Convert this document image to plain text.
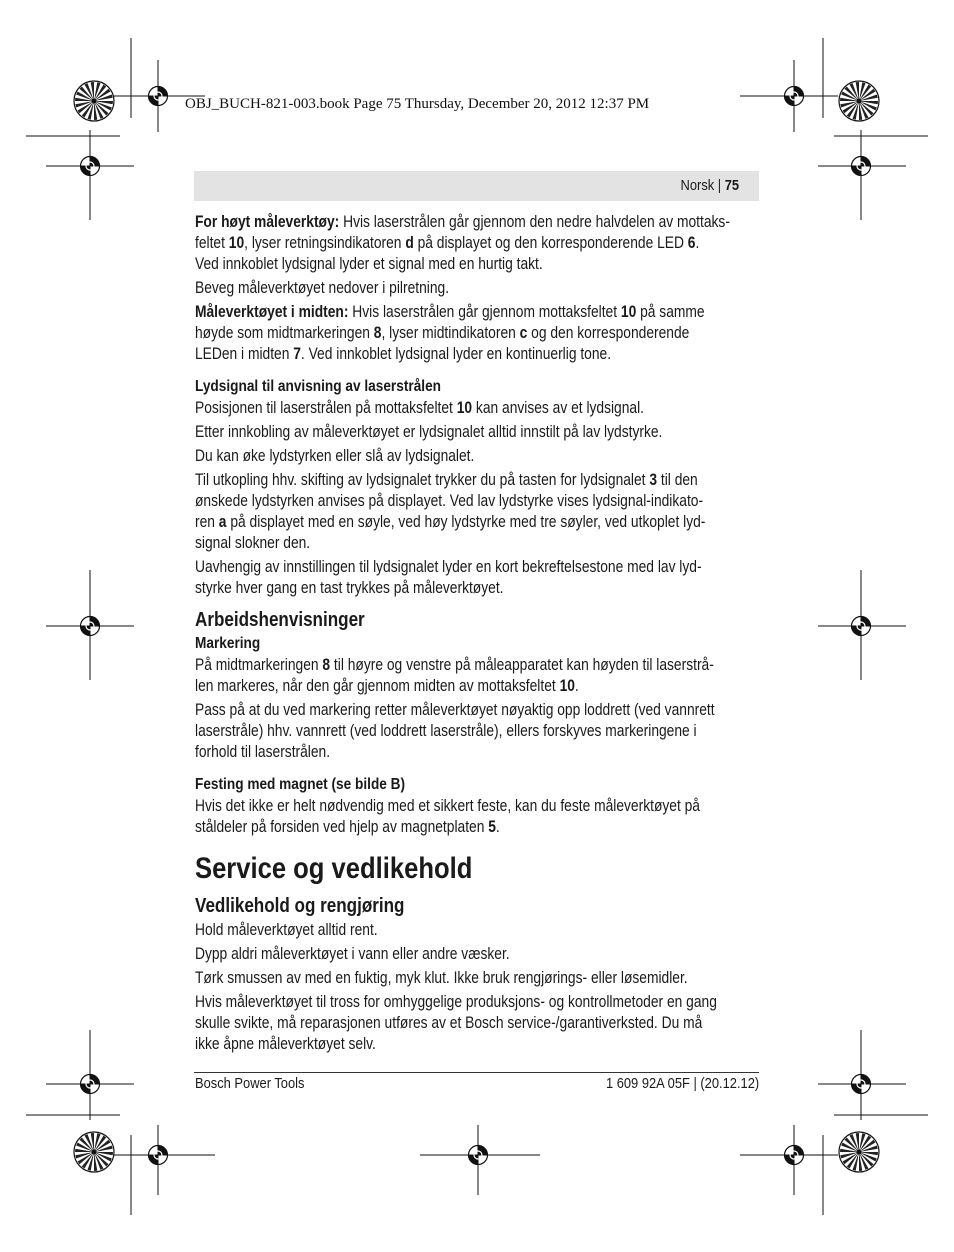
OBJ_BUCH-821-003.book Page 75 Thursday, December 20, 2012 12:37 PM
Norsk | 75

For høyt måleverktøy: Hvis laserstrålen går gjennom den nedre halvdelen av mottaks-
feltet 10, lyser retningsindikatoren d på displayet og den korresponderende LED 6.
Ved innkoblet lydsignal lyder et signal med en hurtig takt.

Beveg måleverktøyet nedover i pilretning.

Måleverktøyet i midten: Hvis laserstrålen går gjennom mottaksfeltet 10 på samme
høyde som midtmarkeringen 8, lyser midtindikatoren c og den korresponderende
LEDen i midten 7. Ved innkoblet lydsignal lyder en kontinuerlig tone.

Lydsignal til anvisning av laserstrålen

Posisjonen til laserstrålen på mottaksfeltet 10 kan anvises av et lydsignal.

Etter innkobling av måleverktøyet er lydsignalet alltid innstilt på lav lydstyrke.

Du kan øke lydstyrken eller slå av lydsignalet.

Til utkopling hhv. skifting av lydsignalet trykker du på tasten for lydsignalet 3 til den
ønskede lydstyrken anvises på displayet. Ved lav lydstyrke vises lydsignal-indikato-
ren a på displayet med en søyle, ved høy lydstyrke med tre søyler, ved utkoplet lyd-
signal slokner den.

Uavhengig av innstillingen til lydsignalet lyder en kort bekreftelsestone med lav lyd-
styrke hver gang en tast trykkes på måleverktøyet.

Arbeidshenvisninger
Markering

På midtmarkeringen 8 til høyre og venstre på måleapparatet kan høyden til laserstrå-
len markeres, når den går gjennom midten av mottaksfeltet 10.

Pass på at du ved markering retter måleverktøyet nøyaktig opp loddrett (ved vannrett
laserstråle) hhv. vannrett (ved loddrett laserstråle), ellers forskyves markeringene i
forhold til laserstrålen.

Festing med magnet (se bilde B)

Hvis det ikke er helt nødvendig med et sikkert feste, kan du feste måleverktøyet på
ståldeler på forsiden ved hjelp av magnetplaten 5.

Service og vedlikehold
Vedlikehold og rengjøring

Hold måleverktøyet alltid rent.

Dypp aldri måleverktøyet i vann eller andre væsker.

Tørk smussen av med en fuktig, myk klut. Ikke bruk rengjørings- eller løsemidler.

Hvis måleverktøyet til tross for omhyggelige produksjons- og kontrollmetoder en gang
skulle svikte, må reparasjonen utføres av et Bosch service-/garantiverksted. Du må
ikke åpne måleverktøyet selv.

Bosch Power Tools	1 609 92A 05F | (20.12.12)
